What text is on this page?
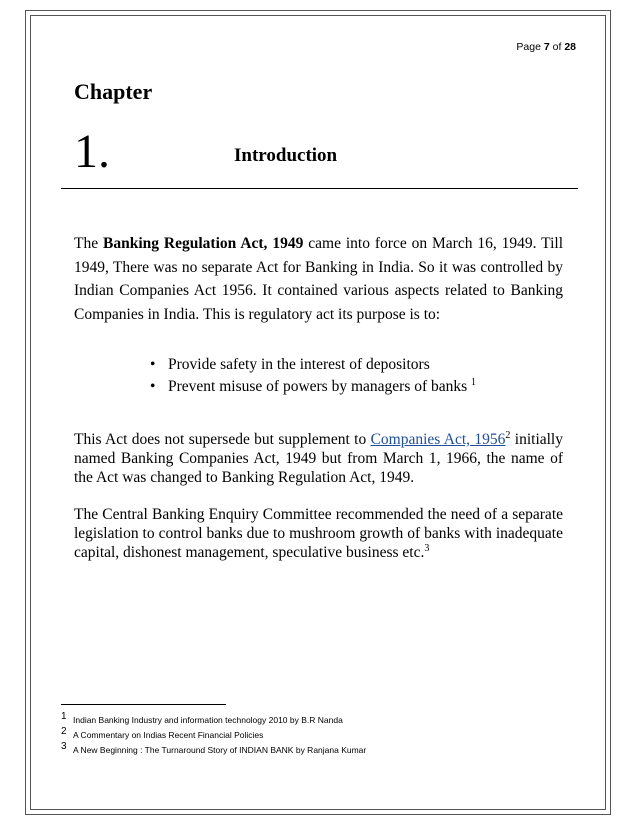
Page 7 of 28
Chapter
1.	Introduction
The Banking Regulation Act, 1949 came into force on March 16, 1949. Till 1949, There was no separate Act for Banking in India. So it was controlled by Indian Companies Act 1956. It contained various aspects related to Banking Companies in India. This is regulatory act its purpose is to:
• Provide safety in the interest of depositors
• Prevent misuse of powers by managers of banks $^1$
This Act does not supersede but supplement to Companies Act, 1956$^2$ initially named Banking Companies Act, 1949 but from March 1, 1966, the name of the Act was changed to Banking Regulation Act, 1949.
The Central Banking Enquiry Committee recommended the need of a separate legislation to control banks due to mushroom growth of banks with inadequate capital, dishonest management, speculative business etc.$^3$
$^1$ Indian Banking Industry and information technology 2010 by B.R Nanda
$^2$ A Commentary on Indias Recent Financial Policies
$^3$ A New Beginning : The Turnaround Story of INDIAN BANK by Ranjana Kumar
